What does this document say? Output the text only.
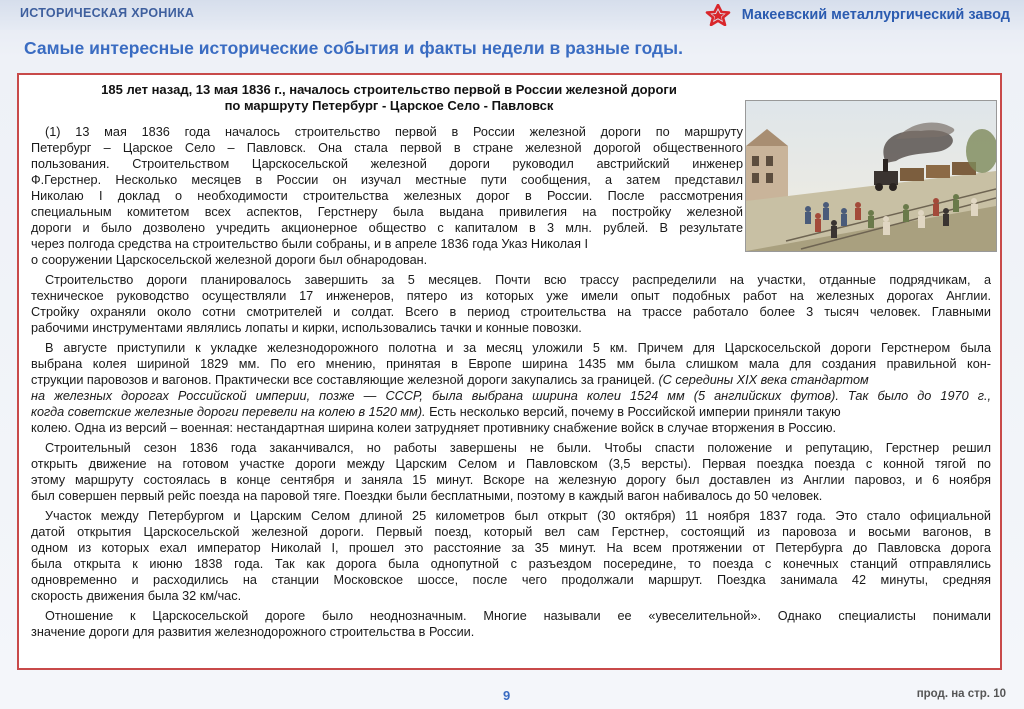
ИСТОРИЧЕСКАЯ ХРОНИКА	Макеевский металлургический завод
Самые интересные исторические события и факты недели в разные годы.
185 лет назад, 13 мая 1836 г., началось строительство первой в России железной дороги
по маршруту Петербург - Царское Село - Павловск
(1) 13 мая 1836 года началось строительство первой в России железной дороги по маршруту
Петербург – Царское Село – Павловск. Она стала первой в стране железной дорогой общественного
пользования. Строительством Царскосельской железной дороги руководил австрийский инженер
Ф.Герстнер. Несколько месяцев в России он изучал местные пути сообщения, а затем представил
Николаю I доклад о необходимости строительства железных дорог в России. После рассмотрения
специальным комитетом всех аспектов, Герстнеру была выдана привилегия на постройку железной
дороги и было дозволено учредить акционерное общество с капиталом в 3 млн. рублей. В результате
через полгода средства на строительство были собраны, и в апреле 1836 года Указ Николая I
о сооружении Царскосельской железной дороги был обнародован.
Строительство дороги планировалось завершить за 5 месяцев. Почти всю трассу распределили на участки, отданные подрядчикам, а
техническое руководство осуществляли 17 инженеров, пятеро из которых уже имели опыт подобных работ на железных дорогах Англии.
Стройку охраняли около сотни смотрителей и солдат. Всего в период строительства на трассе работало более 3 тысяч человек. Главными
рабочими инструментами являлись лопаты и кирки, использовались тачки и конные повозки.
В августе приступили к укладке железнодорожного полотна и за месяц уложили 5 км. Причем для Царскосельской дороги Герстнером была
выбрана колея шириной 1829 мм. По его мнению, принятая в Европе ширина 1435 мм была слишком мала для создания правильной кон-
струкции паровозов и вагонов. Практически все составляющие железной дороги закупались за границей. (С середины XIX века стандартом
на железных дорогах Российской империи, позже — СССР, была выбрана ширина колеи 1524 мм (5 английских футов). Так было до 1970 г.,
когда советские железные дороги перевели на колею в 1520 мм). Есть несколько версий, почему в Российской империи приняли такую
колею. Одна из версий – военная: нестандартная ширина колеи затрудняет противнику снабжение войск в случае вторжения в Россию.
Строительный сезон 1836 года заканчивался, но работы завершены не были. Чтобы спасти положение и репутацию, Герстнер решил
открыть движение на готовом участке дороги между Царским Селом и Павловском (3,5 версты). Первая поездка поезда с конной тягой по
этому маршруту состоялась в конце сентября и заняла 15 минут. Вскоре на железную дорогу был доставлен из Англии паровоз, и 6 ноября
был совершен первый рейс поезда на паровой тяге. Поездки были бесплатными, поэтому в каждый вагон набивалось до 50 человек.
Участок между Петербургом и Царским Селом длиной 25 километров был открыт (30 октября) 11 ноября 1837 года. Это стало официальной
датой открытия Царскосельской железной дороги. Первый поезд, который вел сам Герстнер, состоящий из паровоза и восьми вагонов, в
одном из которых ехал император Николай I, прошел это расстояние за 35 минут. На всем протяжении от Петербурга до Павловска дорога
была открыта к июню 1838 года. Так как дорога была однопутной с разъездом посередине, то поезда с конечных станций отправлялись
одновременно и расходились на станции Московское шоссе, после чего продолжали маршрут. Поездка занимала 42 минуты, средняя
скорость движения была 32 км/час.
Отношение к Царскосельской дороге было неоднозначным. Многие называли ее «увеселительной». Однако специалисты понимали
значение дороги для развития железнодорожного строительства в России.
9	прод. на стр. 10
